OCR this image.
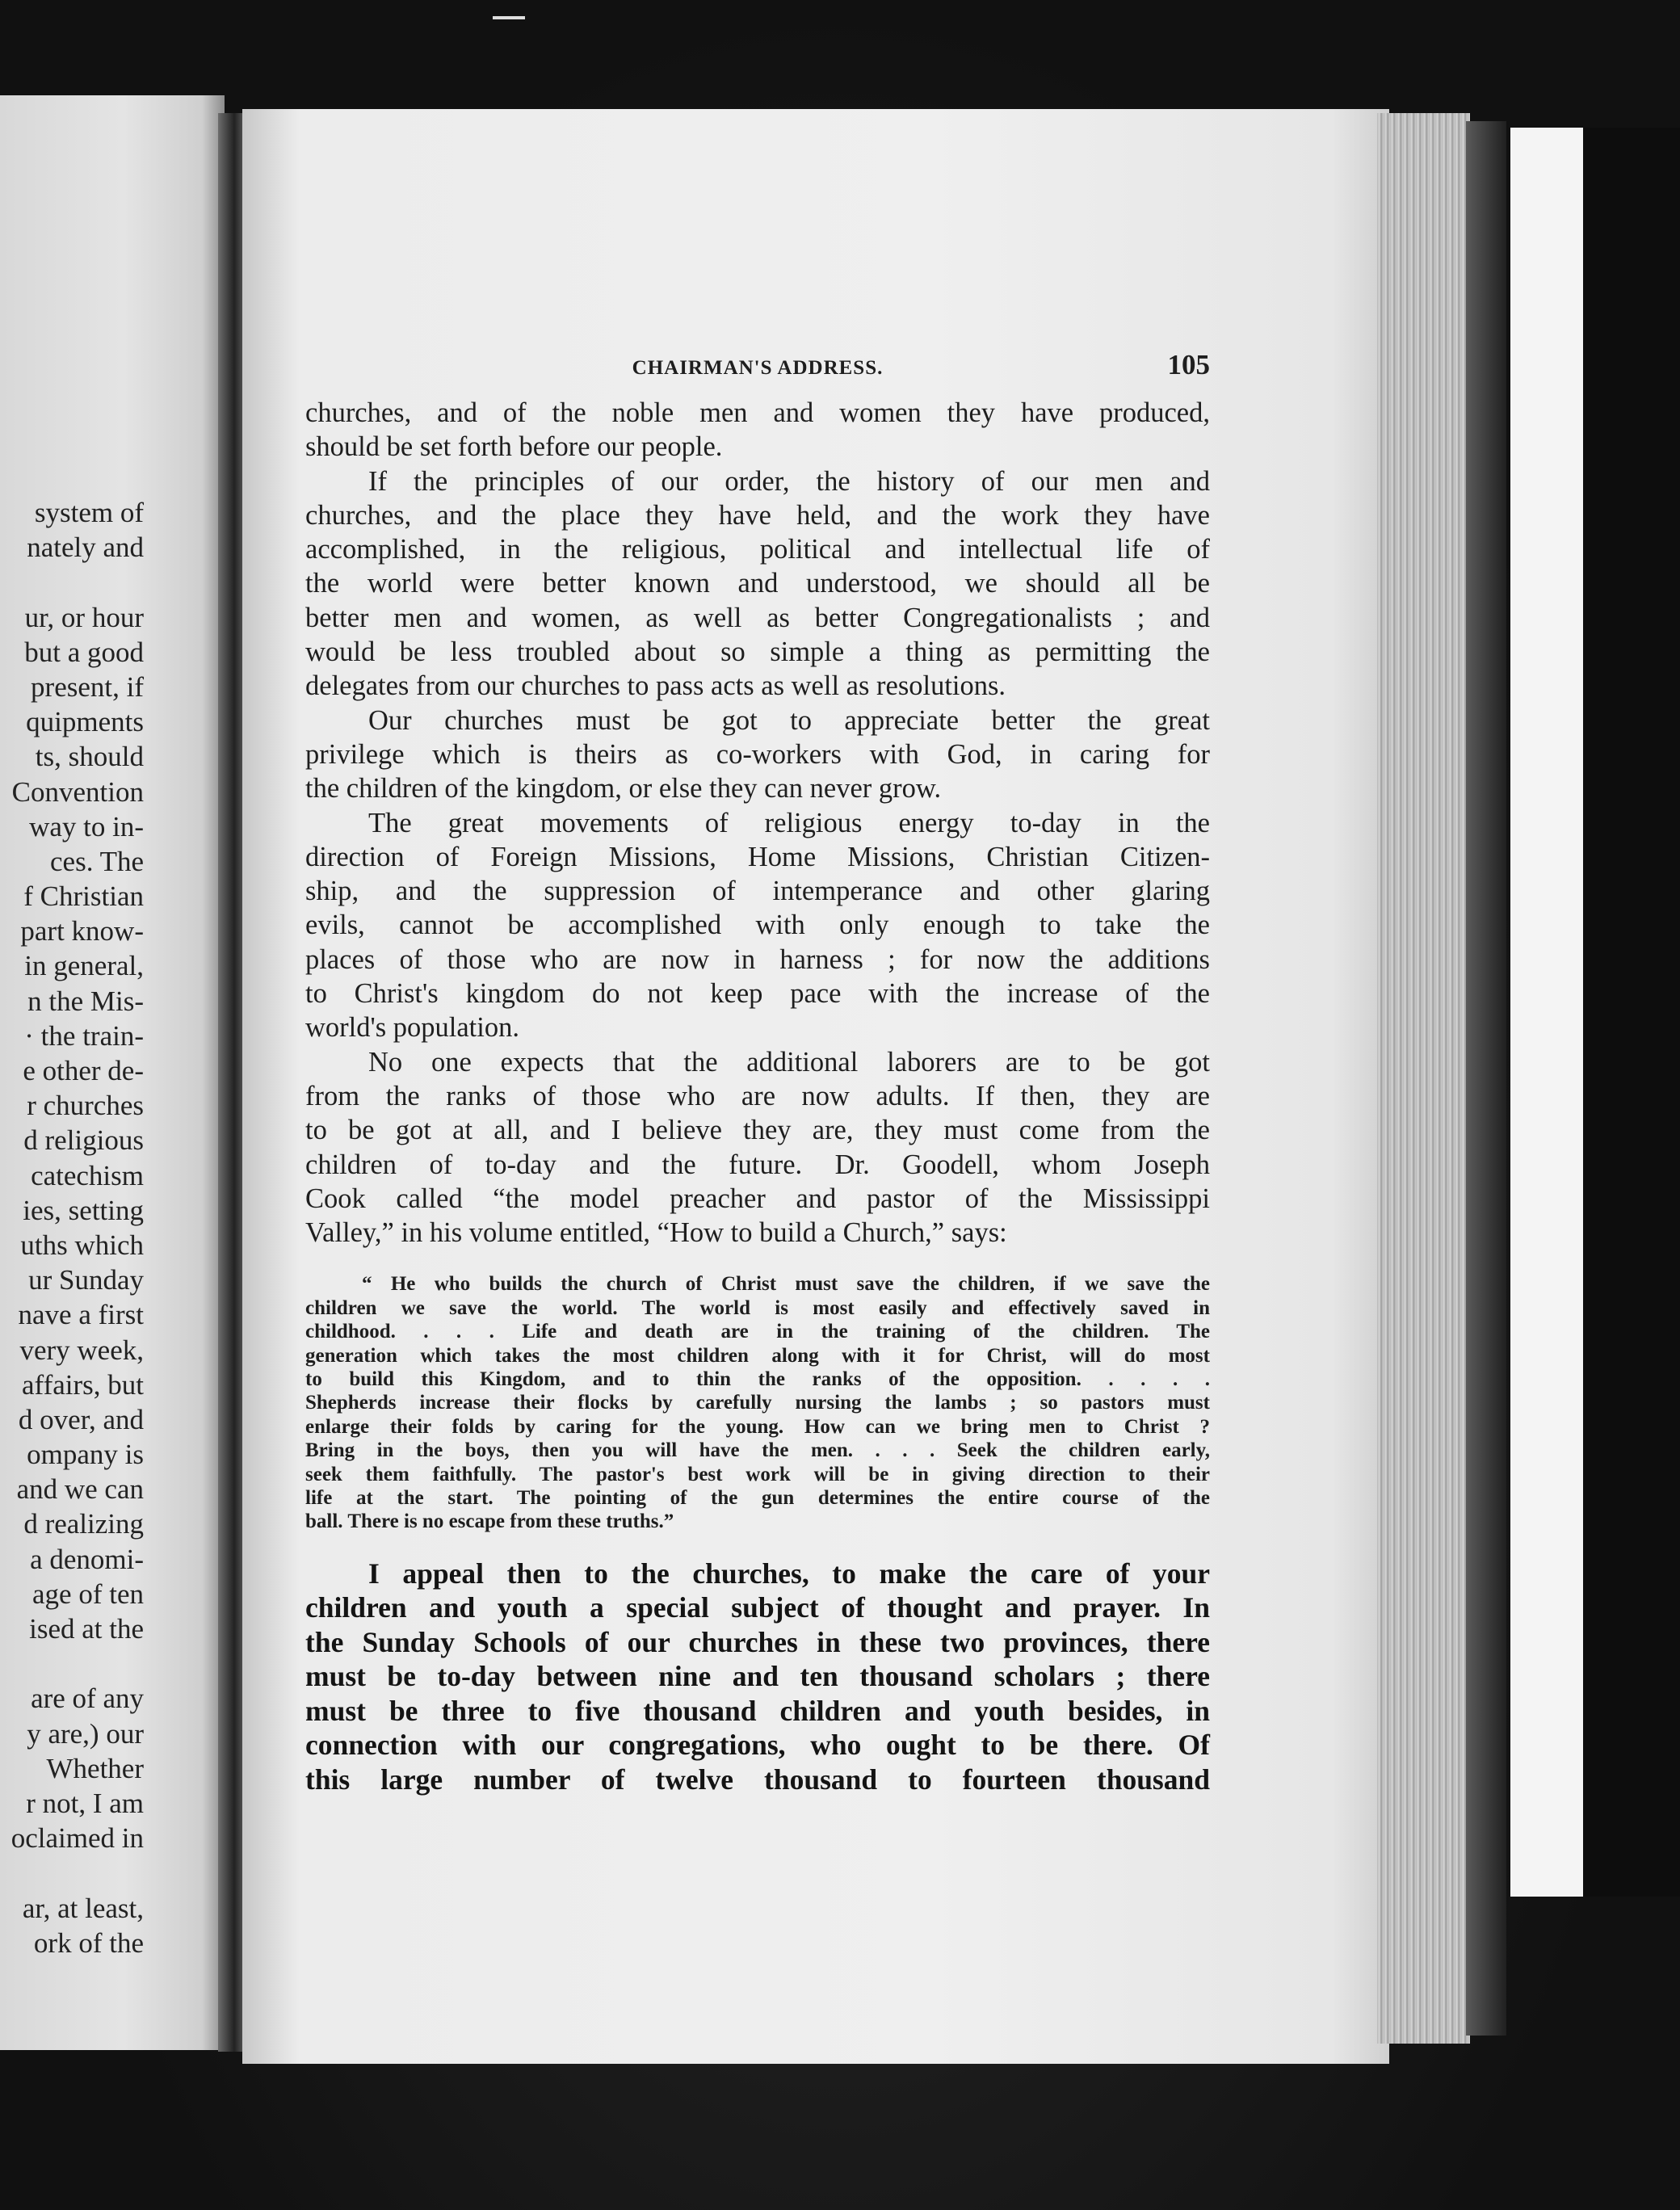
system of
nately and
ur, or hour
but a good
present, if
quipments
ts, should
Convention
way to in-
ces. The
f Christian
part know-
in general,
n the Mis-
· the train-
e other de-
r churches
d religious
catechism
ies, setting
uths which
ur Sunday
nave a first
very week,
affairs, but
d over, and
ompany is
and we can
d realizing
a denomi-
age of ten
ised at the
are of any
y are,) our
Whether
r not, I am
oclaimed in
ar, at least,
ork of the
CHAIRMAN'S ADDRESS.	105
churches, and of the noble men and women they have produced,
should be set forth before our people.
If the principles of our order, the history of our men and
churches, and the place they have held, and the work they have
accomplished, in the religious, political and intellectual life of
the world were better known and understood, we should all be
better men and women, as well as better Congregationalists ; and
would be less troubled about so simple a thing as permitting the
delegates from our churches to pass acts as well as resolutions.
Our churches must be got to appreciate better the great
privilege which is theirs as co-workers with God, in caring for
the children of the kingdom, or else they can never grow.
The great movements of religious energy to-day in the
direction of Foreign Missions, Home Missions, Christian Citizen-
ship, and the suppression of intemperance and other glaring
evils, cannot be accomplished with only enough to take the
places of those who are now in harness ; for now the additions
to Christ's kingdom do not keep pace with the increase of the
world's population.
No one expects that the additional laborers are to be got
from the ranks of those who are now adults. If then, they are
to be got at all, and I believe they are, they must come from the
children of to-day and the future. Dr. Goodell, whom Joseph
Cook called “the model preacher and pastor of the Mississippi
Valley,” in his volume entitled, “How to build a Church,” says:
“ He who builds the church of Christ must save the children, if we save the
children we save the world. The world is most easily and effectively saved in
childhood. . . . Life and death are in the training of the children. The
generation which takes the most children along with it for Christ, will do most
to build this Kingdom, and to thin the ranks of the opposition. . . . .
Shepherds increase their flocks by carefully nursing the lambs ; so pastors must
enlarge their folds by caring for the young. How can we bring men to Christ ?
Bring in the boys, then you will have the men. . . . Seek the children early,
seek them faithfully. The pastor's best work will be in giving direction to their
life at the start. The pointing of the gun determines the entire course of the
ball. There is no escape from these truths.”
I appeal then to the churches, to make the care of your
children and youth a special subject of thought and prayer. In
the Sunday Schools of our churches in these two provinces, there
must be to-day between nine and ten thousand scholars ; there
must be three to five thousand children and youth besides, in
connection with our congregations, who ought to be there. Of
this large number of twelve thousand to fourteen thousand
